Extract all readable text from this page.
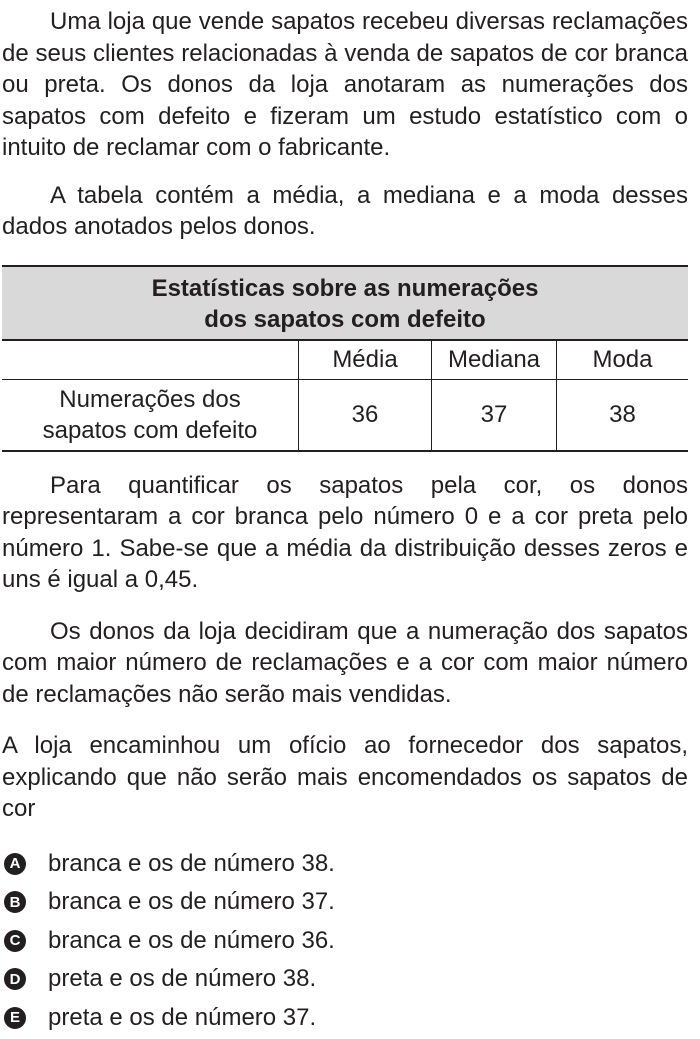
Uma loja que vende sapatos recebeu diversas reclamações de seus clientes relacionadas à venda de sapatos de cor branca ou preta. Os donos da loja anotaram as numerações dos sapatos com defeito e fizeram um estudo estatístico com o intuito de reclamar com o fabricante.

A tabela contém a média, a mediana e a moda desses dados anotados pelos donos.

Estatísticas sobre as numerações
dos sapatos com defeito			

	Média	Mediana	Moda

Numerações dos
sapatos com defeito	36	37	38

Para quantificar os sapatos pela cor, os donos representaram a cor branca pelo número 0 e a cor preta pelo número 1. Sabe-se que a média da distribuição desses zeros e uns é igual a 0,45.

Os donos da loja decidiram que a numeração dos sapatos com maior número de reclamações e a cor com maior número de reclamações não serão mais vendidas.

A loja encaminhou um ofício ao fornecedor dos sapatos, explicando que não serão mais encomendados os sapatos de cor

A branca e os de número 38.
B branca e os de número 37.
C branca e os de número 36.
D preta e os de número 38.
E preta e os de número 37.
